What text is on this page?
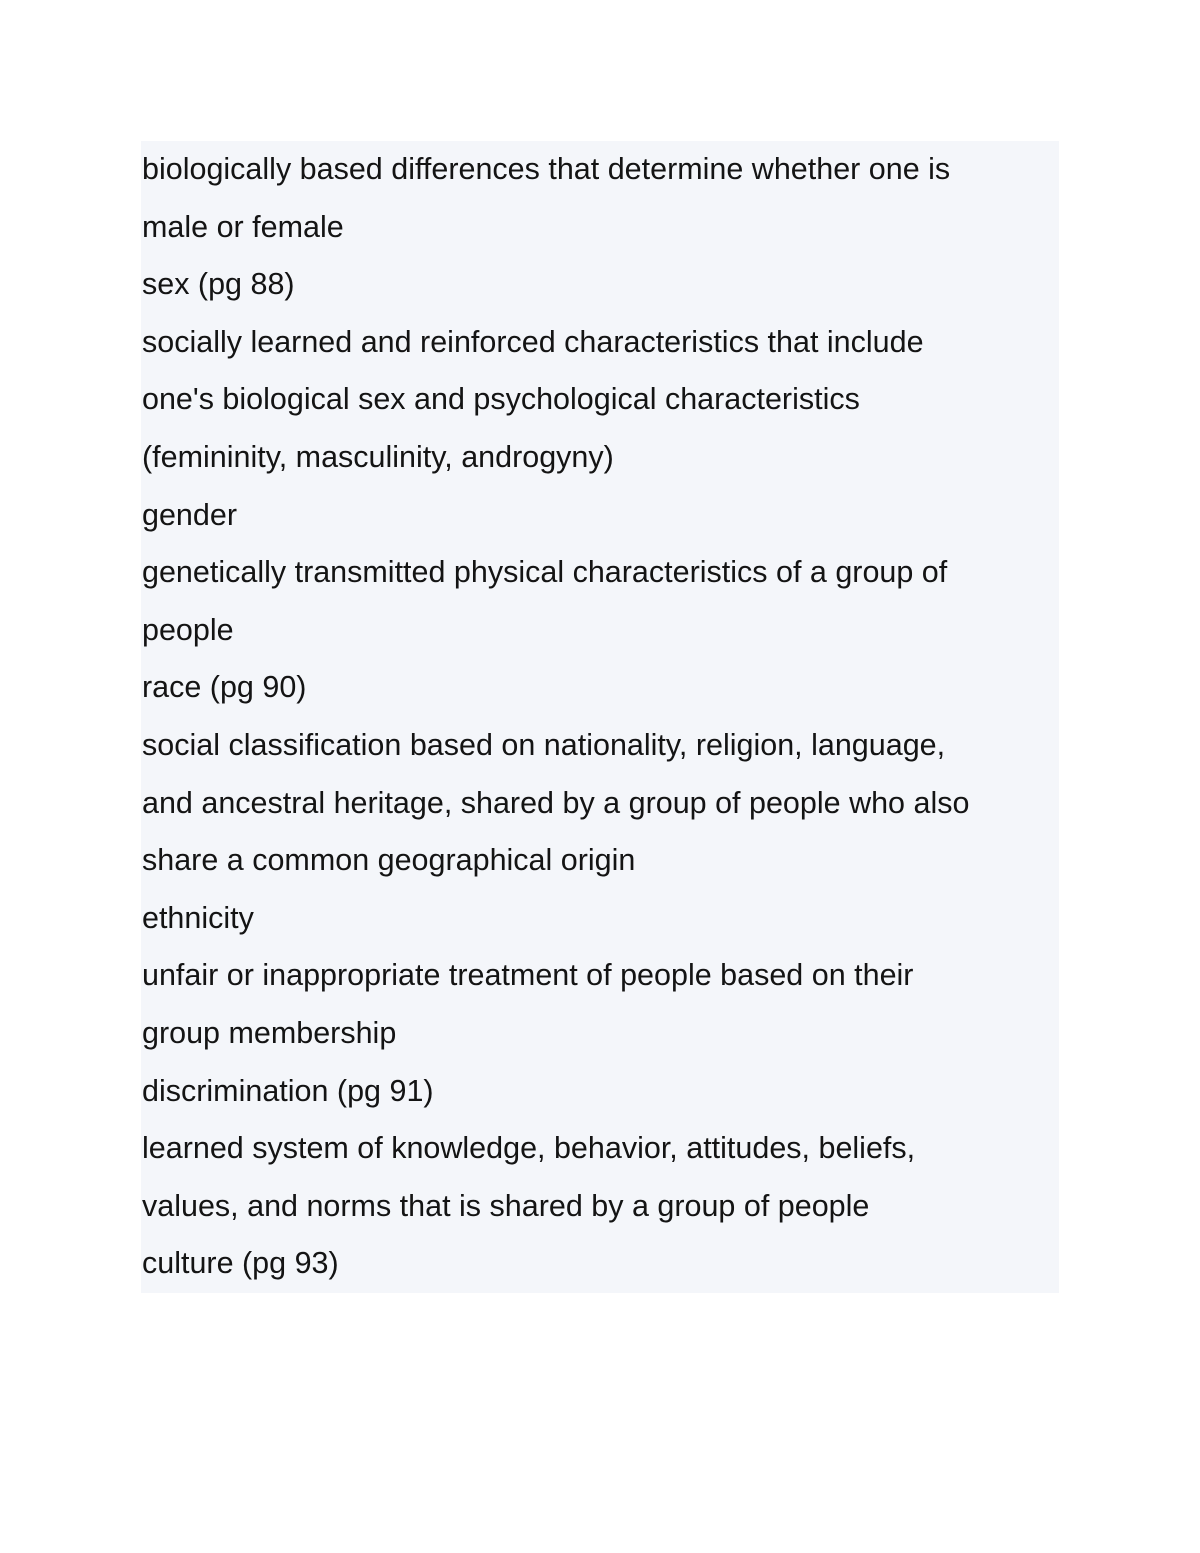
biologically based differences that determine whether one is

male or female

sex (pg 88)

socially learned and reinforced characteristics that include

one's biological sex and psychological characteristics

(femininity, masculinity, androgyny)

gender

genetically transmitted physical characteristics of a group of

people

race (pg 90)

social classification based on nationality, religion, language,

and ancestral heritage, shared by a group of people who also

share a common geographical origin

ethnicity

unfair or inappropriate treatment of people based on their

group membership

discrimination (pg 91)

learned system of knowledge, behavior, attitudes, beliefs,

values, and norms that is shared by a group of people

culture (pg 93)
